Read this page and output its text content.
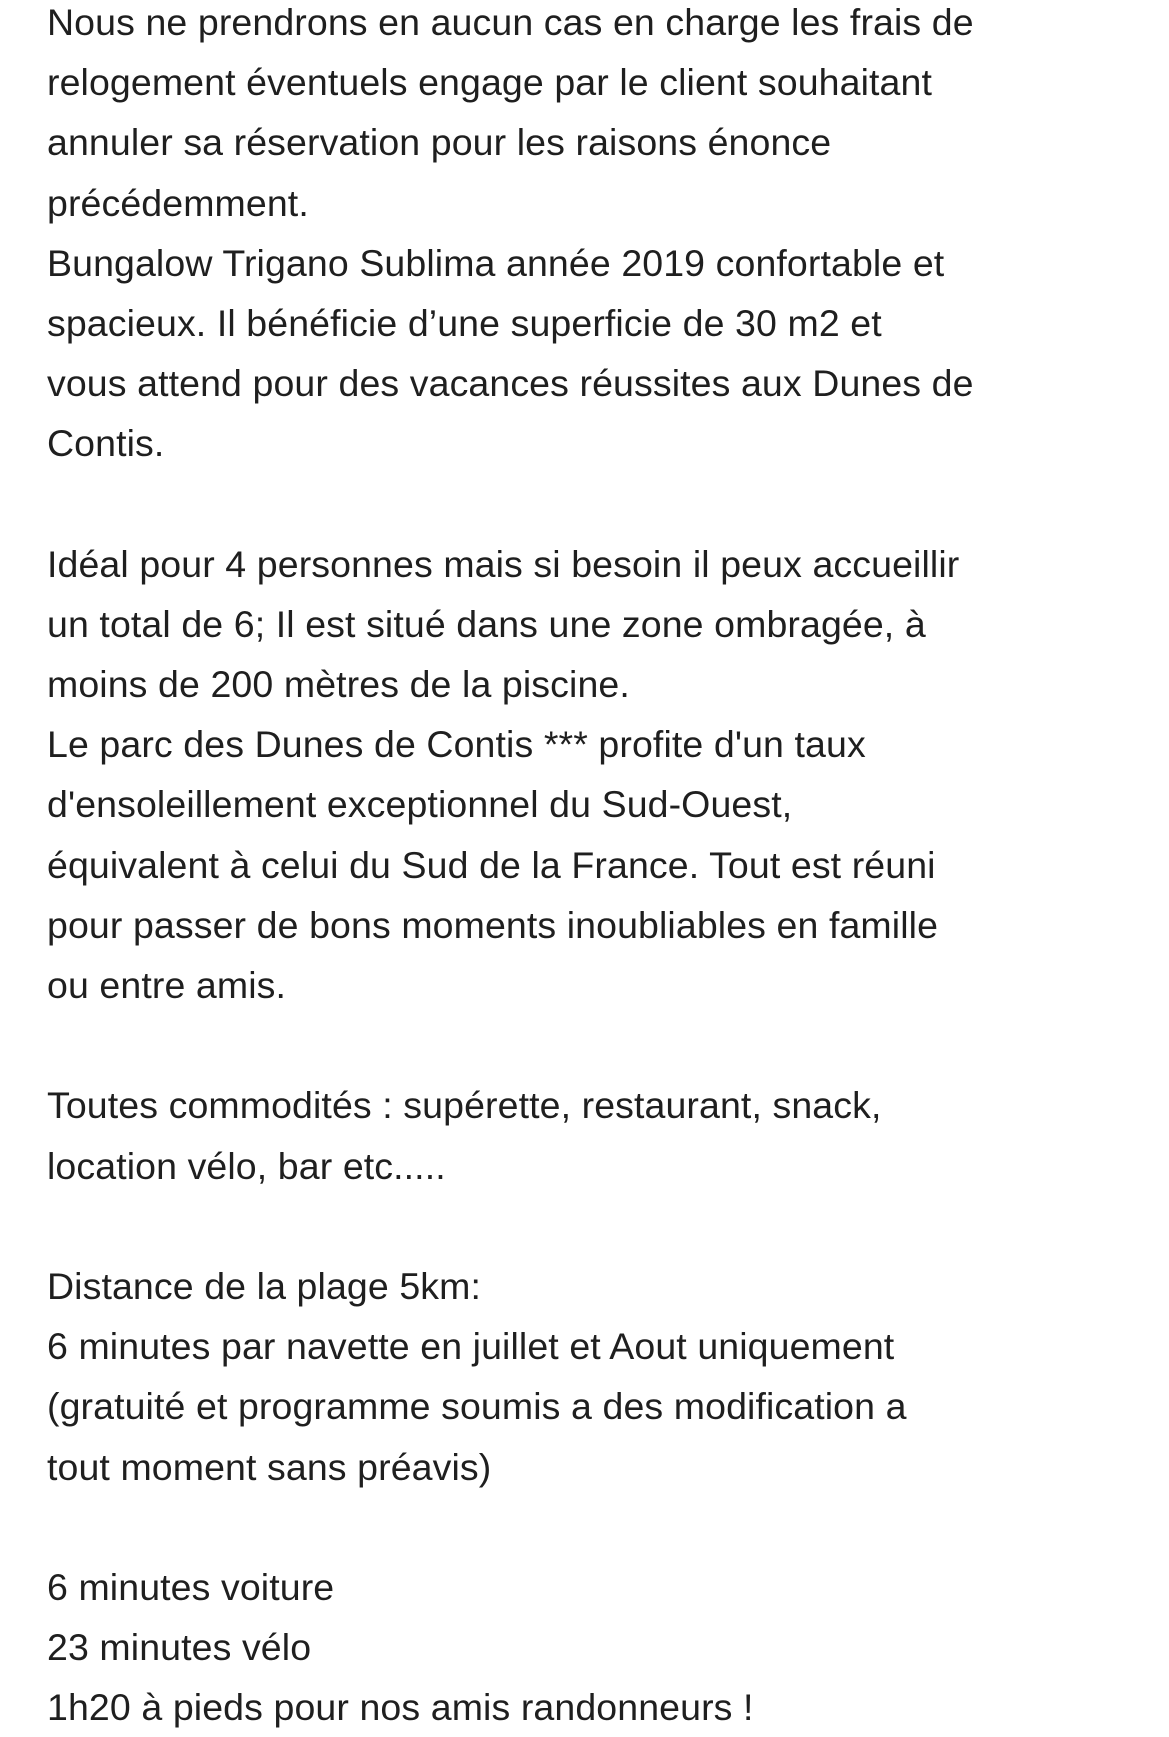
Nous ne prendrons en aucun cas en charge les frais de
relogement éventuels engage par le client souhaitant
annuler sa réservation pour les raisons énonce
précédemment.
Bungalow Trigano Sublima année 2019 confortable et
spacieux. Il bénéficie d’une superficie de 30 m2 et
vous attend pour des vacances réussites aux Dunes de
Contis.
Idéal pour 4 personnes mais si besoin il peux accueillir
un total de 6; Il est situé dans une zone ombragée, à
moins de 200 mètres de la piscine.
Le parc des Dunes de Contis *** profite d'un taux
d'ensoleillement exceptionnel du Sud-Ouest,
équivalent à celui du Sud de la France. Tout est réuni
pour passer de bons moments inoubliables en famille
ou entre amis.
Toutes commodités : supérette, restaurant, snack,
location vélo, bar etc.....
Distance de la plage 5km:
6 minutes par navette en juillet et Aout uniquement
(gratuité et programme soumis a des modification a
tout moment sans préavis)
6 minutes voiture
23 minutes vélo
1h20 à pieds pour nos amis randonneurs !
